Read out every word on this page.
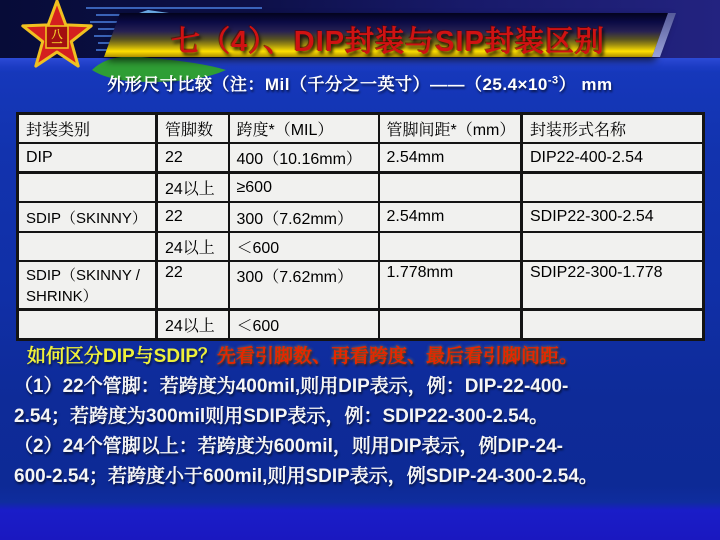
八
一	七（4）、DIP封装与SIP封装区别
外形尺寸比较（注：Mil（千分之一英寸）$——(25.4\times 10^{-3})$ mm
封装类别	管脚数	跨度*（MIL）	管脚间距*（mm）	封装形式名称
DIP	22	400（10.16mm）	2.54mm	DIP22-400-2.54
	24以上	≥600		
SDIP（SKINNY）	22	300（7.62mm）	2.54mm	SDIP22-300-2.54
	24以上	＜600		
SDIP（SKINNY / SHRINK）	22	300（7.62mm）	1.778mm	SDIP22-300-1.778
	24以上	＜600		
如何区分DIP与SDIP？先看引脚数、再看跨度、最后看引脚间距。
（1）22个管脚：若跨度为400mil,则用DIP表示，例：DIP-22-400-
2.54；若跨度为300mil则用SDIP表示，例：SDIP22-300-2.54。
（2）24个管脚以上：若跨度为600mil，则用DIP表示，例DIP-24-
600-2.54；若跨度小于600mil,则用SDIP表示，例SDIP-24-300-2.54。
